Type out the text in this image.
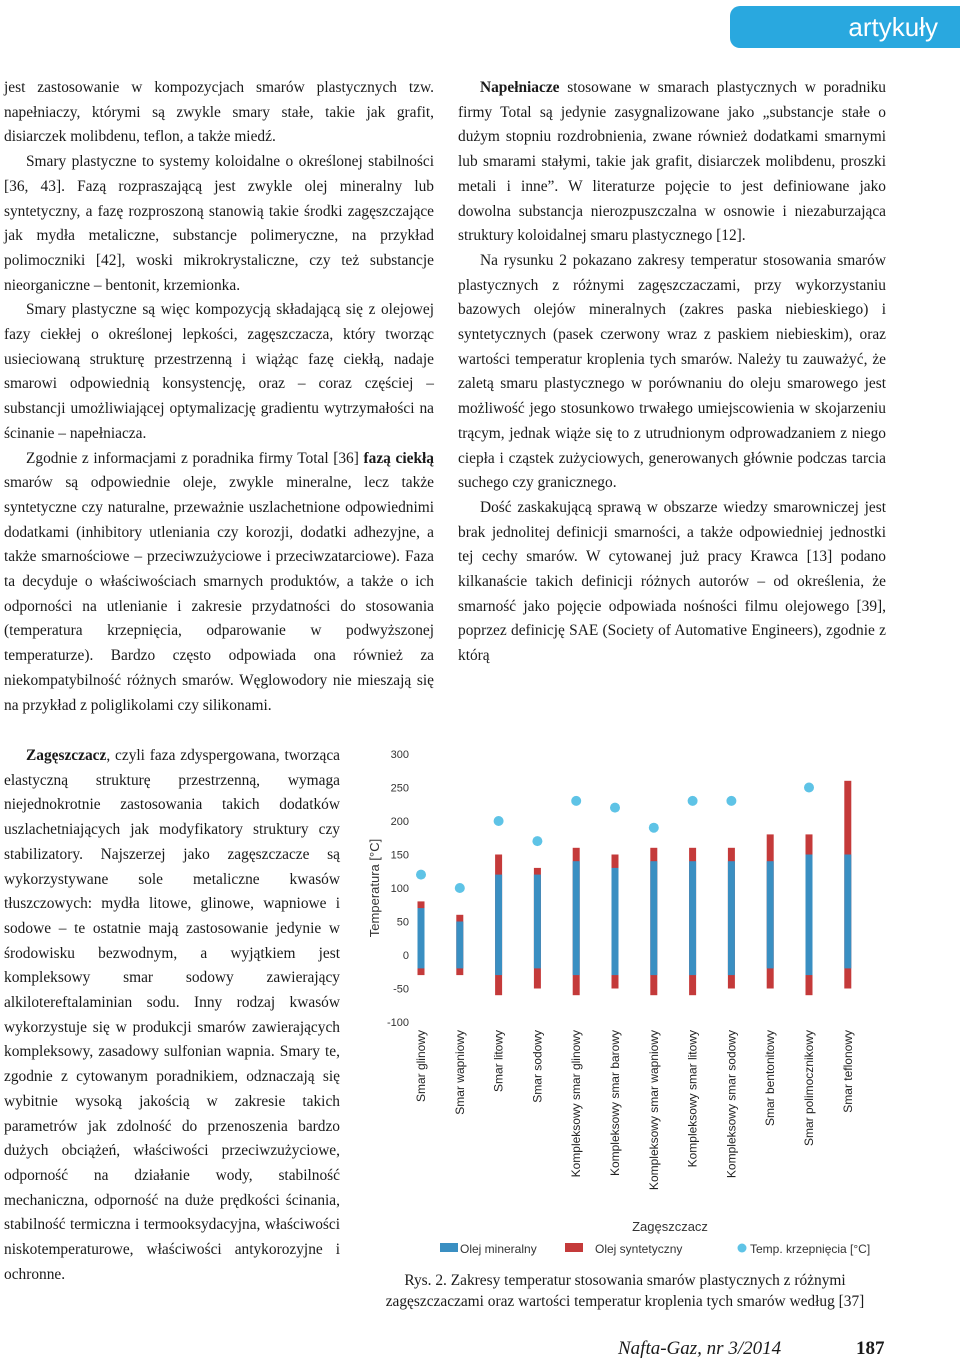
artykuły

jest zastosowanie w kompozycjach smarów plastycznych tzw. napełniaczy, którymi są zwykle smary stałe, takie jak grafit, disiarczek molibdenu, teflon, a także miedź.

Smary plastyczne to systemy koloidalne o określonej stabilności [36, 43]. Fazą rozpraszającą jest zwykle olej mineralny lub syntetyczny, a fazę rozproszoną stanowią takie środki zagęszczające jak mydła metaliczne, substancje polimeryczne, na przykład polimoczniki [42], woski mikrokrystaliczne, czy też substancje nieorganiczne – bentonit, krzemionka.

Smary plastyczne są więc kompozycją składającą się z olejowej fazy ciekłej o określonej lepkości, zagęszczacza, który tworząc usieciowaną strukturę przestrzenną i wiążąc fazę ciekłą, nadaje smarowi odpowiednią konsystencję, oraz – coraz częściej – substancji umożliwiającej optymalizację gradientu wytrzymałości na ścinanie – napełniacza.

Zgodnie z informacjami z poradnika firmy Total [36] fazą ciekłą smarów są odpowiednie oleje, zwykle mineralne, lecz także syntetyczne czy naturalne, przeważnie uszlachetnione odpowiednimi dodatkami (inhibitory utleniania czy korozji, dodatki adhezyjne, a także smarnościowe – przeciwzużyciowe i przeciwzatarciowe). Faza ta decyduje o właściwościach smarnych produktów, a także o ich odporności na utlenianie i zakresie przydatności do stosowania (temperatura krzepnięcia, odparowanie w podwyższonej temperaturze). Bardzo często odpowiada ona również za niekompatybilność różnych smarów. Węglowodory nie mieszają się na przykład z poliglikolami czy silikonami.

Zagęszczacz, czyli faza zdyspergowana, tworząca elastyczną strukturę przestrzenną, wymaga niejednokrotnie zastosowania takich dodatków uszlachetniających jak modyfikatory struktury czy stabilizatory. Najszerzej jako zagęszczacze są wykorzystywane sole metaliczne kwasów tłuszczowych: mydła litowe, glinowe, wapniowe i sodowe – te ostatnie mają zastosowanie jedynie w środowisku bezwodnym, a wyjątkiem jest kompleksowy smar sodowy zawierający alkilotereftalaminian sodu. Inny rodzaj kwasów wykorzystuje się w produkcji smarów zawierających kompleksowy, zasadowy sulfonian wapnia. Smary te, zgodnie z cytowanym poradnikiem, odznaczają się wybitnie wysoką jakością w zakresie takich parametrów jak zdolność do przenoszenia bardzo dużych obciążeń, właściwości przeciwzużyciowe, odporność na działanie wody, stabilność mechaniczna, odporność na duże prędkości ścinania, stabilność termiczna i termooksydacyjna, właściwości niskotemperaturowe, właściwości antykorozyjne i ochronne.

Napełniacze stosowane w smarach plastycznych w poradniku firmy Total są jedynie zasygnalizowane jako „substancje stałe o dużym stopniu rozdrobnienia, zwane również dodatkami smarnymi lub smarami stałymi, takie jak grafit, disiarczek molibdenu, proszki metali i inne”. W literaturze pojęcie to jest definiowane jako dowolna substancja nierozpuszczalna w osnowie i niezaburzająca struktury koloidalnej smaru plastycznego [12].

Na rysunku 2 pokazano zakresy temperatur stosowania smarów plastycznych z różnymi zagęszczaczami, przy wykorzystaniu bazowych olejów mineralnych (zakres paska niebieskiego) i syntetycznych (pasek czerwony wraz z paskiem niebieskim), oraz wartości temperatur kroplenia tych smarów. Należy tu zauważyć, że zaletą smaru plastycznego w porównaniu do oleju smarowego jest możliwość jego stosunkowo trwałego umiejscowienia w skojarzeniu trącym, jednak wiąże się to z utrudnionym odprowadzaniem z niego ciepła i cząstek zużyciowych, generowanych głównie podczas tarcia suchego czy granicznego.

Dość zaskakującą sprawą w obszarze wiedzy smarowniczej jest brak jednolitej definicji smarności, a także odpowiedniej jednostki tej cechy smarów. W cytowanej już pracy Krawca [13] podano kilkanaście takich definicji różnych autorów – od określenia, że smarność jako pojęcie odpowiada nośności filmu olejowego [39], poprzez definicję SAE (Society of Automative Engineers), zgodnie z którą

300
250
200
150
100
50
0
-50
-100
Temperatura [°C]
Smar glinowy Smar wapniowy Smar litowy Smar sodowy Kompleksowy smar glinowy Kompleksowy smar barowy Kompleksowy smar wapniowy Kompleksowy smar litowy Kompleksowy smar sodowy Smar bentonitowy Smar polimocznikowy Smar teflonowy
Zagęszczacz
Olej mineralny	Olej syntetyczny	Temp. krzepnięcia [°C]
Rys. 2. Zakresy temperatur stosowania smarów plastycznych z różnymi zagęszczaczami oraz wartości temperatur kroplenia tych smarów według [37]
Nafta-Gaz, nr 3/2014	187
